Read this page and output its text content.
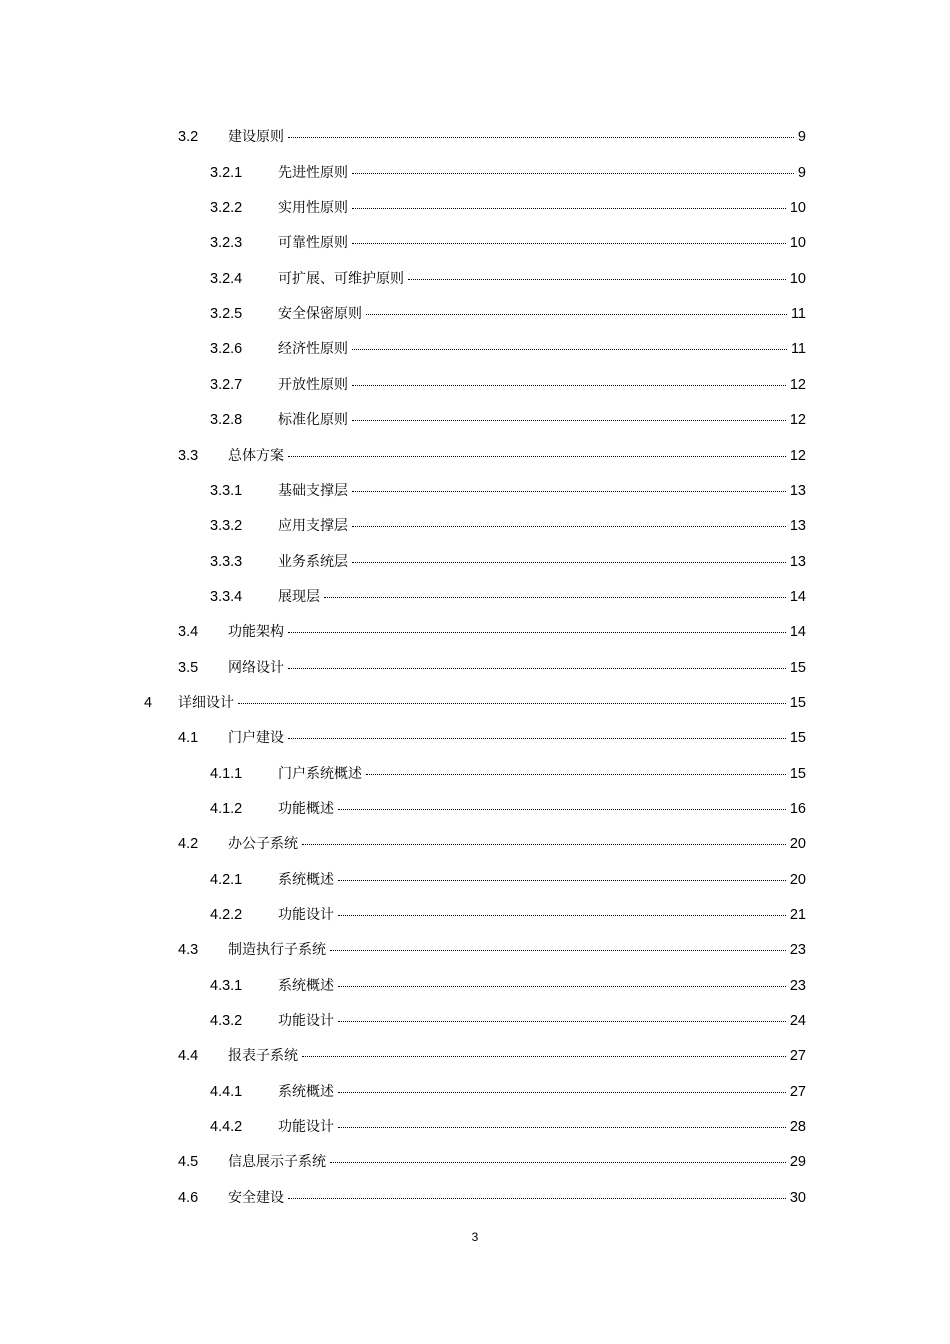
3.2 建设原则	9
3.2.1	先进性原则	9
3.2.2	实用性原则	10
3.2.3	可靠性原则	10
3.2.4	可扩展、可维护原则	10
3.2.5	安全保密原则	11
3.2.6	经济性原则	11
3.2.7	开放性原则	12
3.2.8	标准化原则	12
3.3 总体方案	12
3.3.1	基础支撑层	13
3.3.2	应用支撑层	13
3.3.3	业务系统层	13
3.3.4	展现层	14
3.4 功能架构	14
3.5 网络设计	15
4 详细设计	15
4.1 门户建设	15
4.1.1	门户系统概述	15
4.1.2	功能概述	16
4.2 办公子系统	20
4.2.1	系统概述	20
4.2.2	功能设计	21
4.3 制造执行子系统	23
4.3.1	系统概述	23
4.3.2	功能设计	24
4.4 报表子系统	27
4.4.1	系统概述	27
4.4.2	功能设计	28
4.5 信息展示子系统	29
4.6 安全建设	30
3
